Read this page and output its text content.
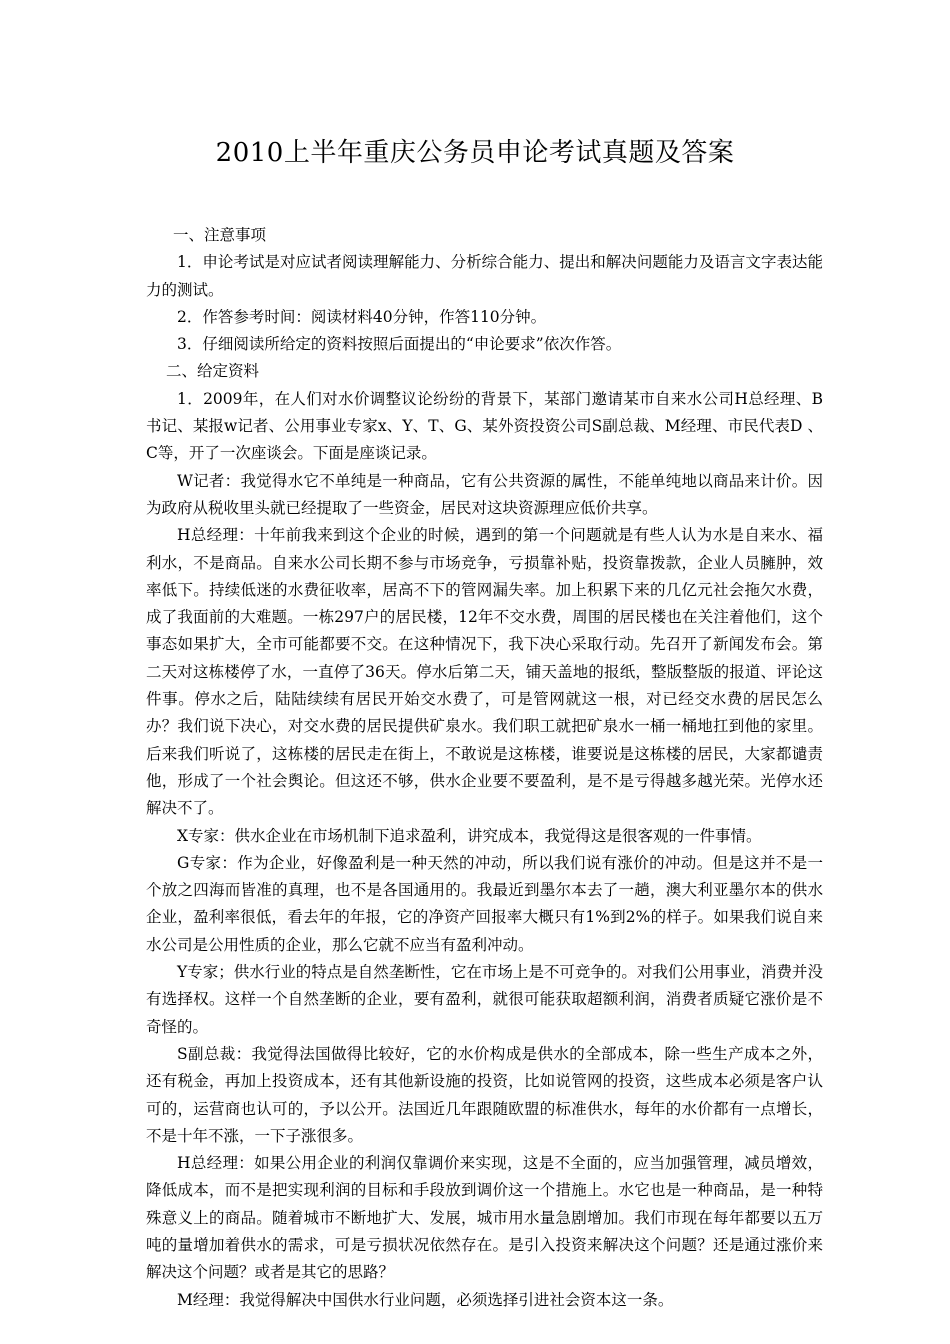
2010上半年重庆公务员申论考试真题及答案

一、注意事项

1．申论考试是对应试者阅读理解能力、分析综合能力、提出和解决问题能力及语言文字表达能力的测试。

2．作答参考时间：阅读材料40分钟，作答110分钟。

3．仔细阅读所给定的资料按照后面提出的“申论要求”依次作答。

二、给定资料

1．2009年，在人们对水价调整议论纷纷的背景下，某部门邀请某市自来水公司H总经理、B书记、某报w记者、公用事业专家x、Y、T、G、某外资投资公司S副总裁、M经理、市民代表D 、C等，开了一次座谈会。下面是座谈记录。

W记者：我觉得水它不单纯是一种商品，它有公共资源的属性，不能单纯地以商品来计价。因为政府从税收里头就已经提取了一些资金，居民对这块资源理应低价共享。

H总经理：十年前我来到这个企业的时候，遇到的第一个问题就是有些人认为水是自来水、福利水，不是商品。自来水公司长期不参与市场竞争，亏损靠补贴，投资靠拨款，企业人员臃肿，效率低下。持续低迷的水费征收率，居高不下的管网漏失率。加上积累下来的几亿元社会拖欠水费，成了我面前的大难题。一栋297户的居民楼，12年不交水费，周围的居民楼也在关注着他们，这个事态如果扩大，全市可能都要不交。在这种情况下，我下决心采取行动。先召开了新闻发布会。第二天对这栋楼停了水，一直停了36天。停水后第二天，铺天盖地的报纸，整版整版的报道、评论这件事。停水之后，陆陆续续有居民开始交水费了，可是管网就这一根，对已经交水费的居民怎么办？我们说下决心，对交水费的居民提供矿泉水。我们职工就把矿泉水一桶一桶地扛到他的家里。后来我们听说了，这栋楼的居民走在街上，不敢说是这栋楼，谁要说是这栋楼的居民，大家都谴责他，形成了一个社会舆论。但这还不够，供水企业要不要盈利，是不是亏得越多越光荣。光停水还解决不了。

X专家：供水企业在市场机制下追求盈利，讲究成本，我觉得这是很客观的一件事情。

G专家：作为企业，好像盈利是一种天然的冲动，所以我们说有涨价的冲动。但是这并不是一个放之四海而皆准的真理，也不是各国通用的。我最近到墨尔本去了一趟，澳大利亚墨尔本的供水企业，盈利率很低，看去年的年报，它的净资产回报率大概只有1%到2%的样子。如果我们说自来水公司是公用性质的企业，那么它就不应当有盈利冲动。

Y专家；供水行业的特点是自然垄断性，它在市场上是不可竞争的。对我们公用事业，消费并没有选择权。这样一个自然垄断的企业，要有盈利，就很可能获取超额利润，消费者质疑它涨价是不奇怪的。

S副总裁：我觉得法国做得比较好，它的水价构成是供水的全部成本，除一些生产成本之外，还有税金，再加上投资成本，还有其他新设施的投资，比如说管网的投资，这些成本必须是客户认可的，运营商也认可的，予以公开。法国近几年跟随欧盟的标准供水，每年的水价都有一点增长，不是十年不涨，一下子涨很多。

H总经理：如果公用企业的利润仅靠调价来实现，这是不全面的，应当加强管理，减员增效，降低成本，而不是把实现利润的目标和手段放到调价这一个措施上。水它也是一种商品，是一种特殊意义上的商品。随着城市不断地扩大、发展，城市用水量急剧增加。我们市现在每年都要以五万吨的量增加着供水的需求，可是亏损状况依然存在。是引入投资来解决这个问题？还是通过涨价来解决这个问题？或者是其它的思路？

M经理：我觉得解决中国供水行业问题，必须选择引进社会资本这一条。
